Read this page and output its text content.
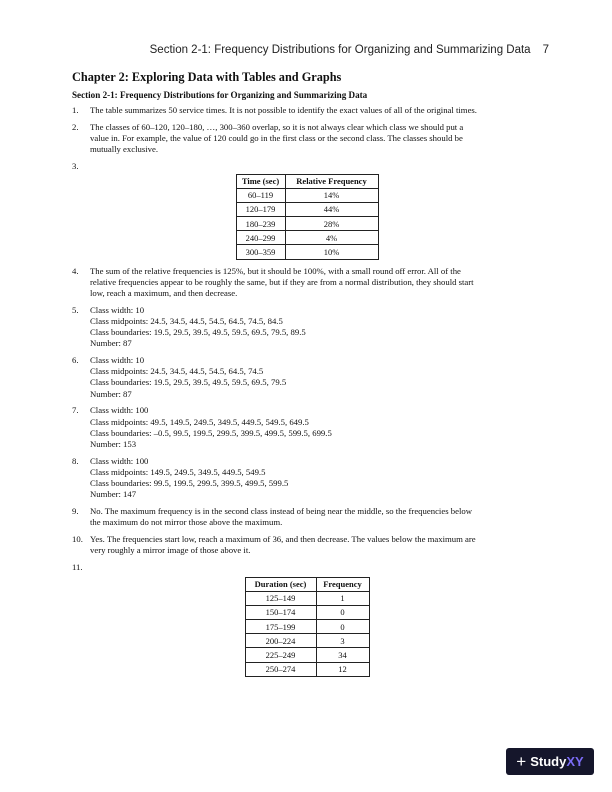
Section 2-1: Frequency Distributions for Organizing and Summarizing Data 7
Chapter 2: Exploring Data with Tables and Graphs
Section 2-1: Frequency Distributions for Organizing and Summarizing Data
1. The table summarizes 50 service times. It is not possible to identify the exact values of all of the original times.
2. The classes of 60–120, 120–180, …, 300–360 overlap, so it is not always clear which class we should put a
value in. For example, the value of 120 could go in the first class or the second class. The classes should be
mutually exclusive.
3.

Time (sec)	Relative Frequency
60–119	14%
120–179	44%
180–239	28%
240–299	4%
300–359	10%
4. The sum of the relative frequencies is 125%, but it should be 100%, with a small round off error. All of the
relative frequencies appear to be roughly the same, but if they are from a normal distribution, they should start
low, reach a maximum, and then decrease.
5. Class width: 10
Class midpoints: 24.5, 34.5, 44.5, 54.5, 64.5, 74.5, 84.5
Class boundaries: 19.5, 29.5, 39.5, 49.5, 59.5, 69.5, 79.5, 89.5
Number: 87
6. Class width: 10
Class midpoints: 24.5, 34.5, 44.5, 54.5, 64.5, 74.5
Class boundaries: 19.5, 29.5, 39.5, 49.5, 59.5, 69.5, 79.5
Number: 87
7. Class width: 100
Class midpoints: 49.5, 149.5, 249.5, 349.5, 449.5, 549.5, 649.5
Class boundaries: –0.5, 99.5, 199.5, 299.5, 399.5, 499.5, 599.5, 699.5
Number: 153
8. Class width: 100
Class midpoints: 149.5, 249.5, 349.5, 449.5, 549.5
Class boundaries: 99.5, 199.5, 299.5, 399.5, 499.5, 599.5
Number: 147
9. No. The maximum frequency is in the second class instead of being near the middle, so the frequencies below
the maximum do not mirror those above the maximum.
10. Yes. The frequencies start low, reach a maximum of 36, and then decrease. The values below the maximum are
very roughly a mirror image of those above it.
11.

Duration (sec)	Frequency
125–149	1
150–174	0
175–199	0
200–224	3
225–249	34
250–274	12
+ Study XY
